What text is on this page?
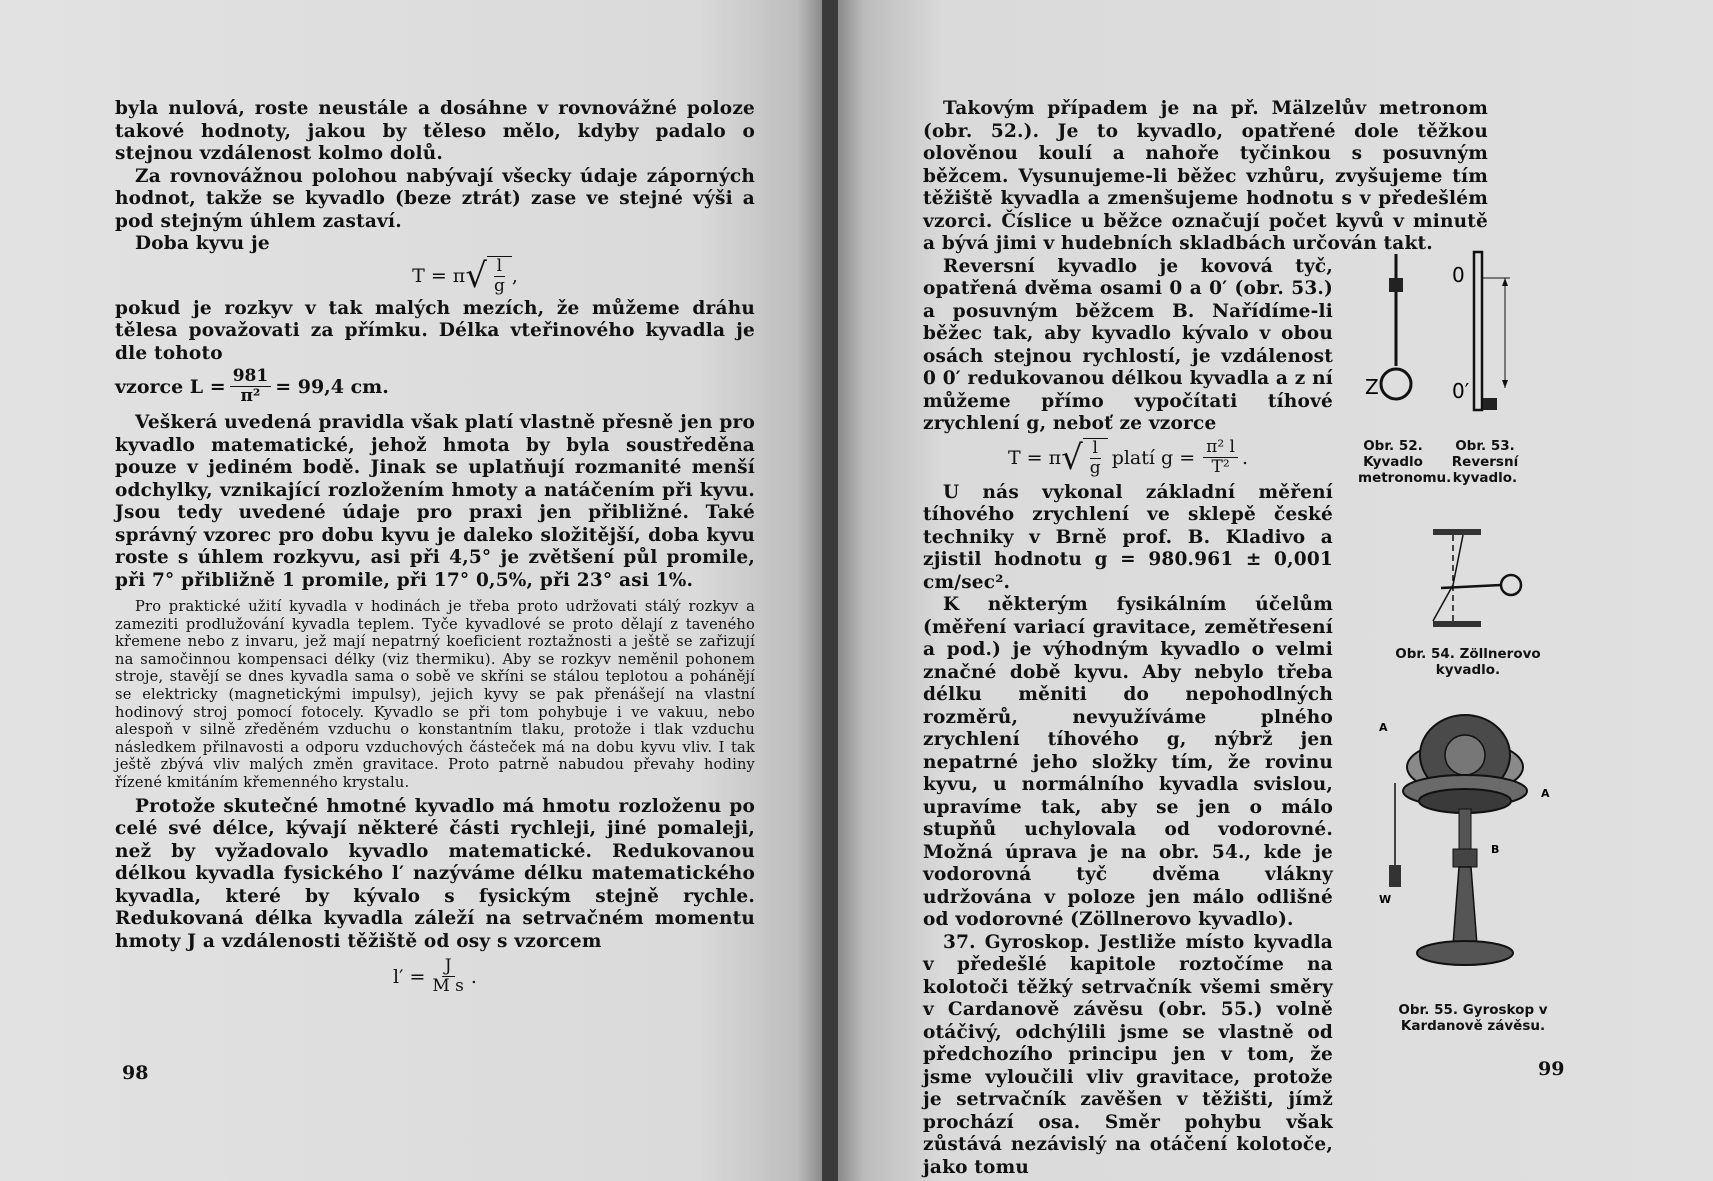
byla nulová, roste neustále a dosáhne v rovnovážné poloze takové hodnoty, jakou by těleso mělo, kdyby padalo o stejnou vzdálenost kolmo dolů.

Za rovnovážnou polohou nabývají všecky údaje záporných hodnot, takže se kyvadlo (beze ztrát) zase ve stejné výši a pod stejným úhlem zastaví.

Doba kyvu je

T = π √ $\frac{l}{g}$ ,

pokud je rozkyv v tak malých mezích, že můžeme dráhu tělesa považovati za přímku. Délka vteřinového kyvadla je dle tohoto

vzorce $L = \frac{981}{\text{π²}} = 99,4$ cm.

Veškerá uvedená pravidla však platí vlastně přesně jen pro kyvadlo matematické, jehož hmota by byla soustředěna pouze v jediném bodě. Jinak se uplatňují rozmanité menší odchylky, vznikající rozložením hmoty a natáčením při kyvu. Jsou tedy uvedené údaje pro praxi jen přibližné. Také správný vzorec pro dobu kyvu je daleko složitější, doba kyvu roste s úhlem rozkyvu, asi při 4,5° je zvětšení půl promile, při 7° přibližně 1 promile, při 17° 0,5%, při 23° asi 1%.

Pro praktické užití kyvadla v hodinách je třeba proto udržovati stálý rozkyv a zameziti prodlužování kyvadla teplem. Tyče kyvadlové se proto dělají z taveného křemene nebo z invaru, jež mají nepatrný koeficient roztažnosti a ještě se zařizují na samočinnou kompensaci délky (viz thermiku). Aby se rozkyv neměnil pohonem stroje, stavějí se dnes kyvadla sama o sobě ve skříni se stálou teplotou a pohánějí se elektricky (magnetickými impulsy), jejich kyvy se pak přenášejí na vlastní hodinový stroj pomocí fotocely. Kyvadlo se při tom pohybuje i ve vakuu, nebo alespoň v silně zředěném vzduchu o konstantním tlaku, protože i tlak vzduchu následkem přilnavosti a odporu vzduchových částeček má na dobu kyvu vliv. I tak ještě zbývá vliv malých změn gravitace. Proto patrně nabudou převahy hodiny řízené kmitáním křemenného krystalu.

Protože skutečné hmotné kyvadlo má hmotu rozloženu po celé své délce, kývají některé části rychleji, jiné pomaleji, než by vyžadovalo kyvadlo matematické. Redukovanou délkou kyvadla fysického l′ nazýváme délku matematického kyvadla, které by kývalo s fysickým stejně rychle. Redukovaná délka kyvadla záleží na setrvačném momentu hmoty J a vzdálenosti těžiště od osy s vzorcem

$l' = \frac{J}{\text{M s}}$ .
98

Takovým případem je na př. Mälzelův metronom (obr. 52.). Je to kyvadlo, opatřené dole těžkou olověnou koulí a nahoře tyčinkou s posuvným běžcem. Vysunujeme-li běžec vzhůru, zvyšujeme tím těžiště kyvadla a zmenšujeme hodnotu s v předešlém vzorci. Číslice u běžce označují počet kyvů v minutě a bývá jimi v hudebních skladbách určován takt.

Reversní kyvadlo je kovová tyč, opatřená dvěma osami 0 a 0′ (obr. 53.) a posuvným běžcem B. Nařídíme-li běžec tak, aby kyvadlo kývalo v obou osách stejnou rychlostí, je vzdálenost 0 0′ redukovanou délkou kyvadla a z ní můžeme přímo vypočítati tíhové zrychlení g, neboť ze vzorce

T = π √ $\frac{l}{g}$ platí $g = \frac{\text{π² l}}{\text{T²}}$ .

U nás vykonal základní měření tíhového zrychlení ve sklepě české techniky v Brně prof. B. Kladivo a zjistil hodnotu g = 980.961 ± 0,001 cm/sec².

K některým fysikálním účelům (měření variací gravitace, zemětřesení a pod.) je výhodným kyvadlo o velmi značné době kyvu. Aby nebylo třeba délku měniti do nepohodlných rozměrů, nevyužíváme plného zrychlení tíhového g, nýbrž jen nepatrné jeho složky tím, že rovinu kyvu, u normálního kyvadla svislou, upravíme tak, aby se jen o málo stupňů uchylovala od vodorovné. Možná úprava je na obr. 54., kde je vodorovná tyč dvěma vlákny udržována v poloze jen málo odlišné od vodorovné (Zöllnerovo kyvadlo).

37. Gyroskop. Jestliže místo kyvadla v předešlé kapitole roztočíme na kolotoči těžký setrvačník všemi směry v Cardanově závěsu (obr. 55.) volně otáčivý, odchýlili jsme se vlastně od předchozího principu jen v tom, že jsme vyloučili vliv gravitace, protože je setrvačník zavěšen v těžišti, jímž prochází osa. Směr pohybu však zůstává nezávislý na otáčení kolotoče, jako tomu

Z
0
0′
Obr. 52. Kyvadlo metronomu.
Obr. 53. Reversní kyvadlo.
Obr. 54. Zöllnerovo kyvadlo.
A
A
B
W
Obr. 55. Gyroskop v Kardanově závěsu.
99
